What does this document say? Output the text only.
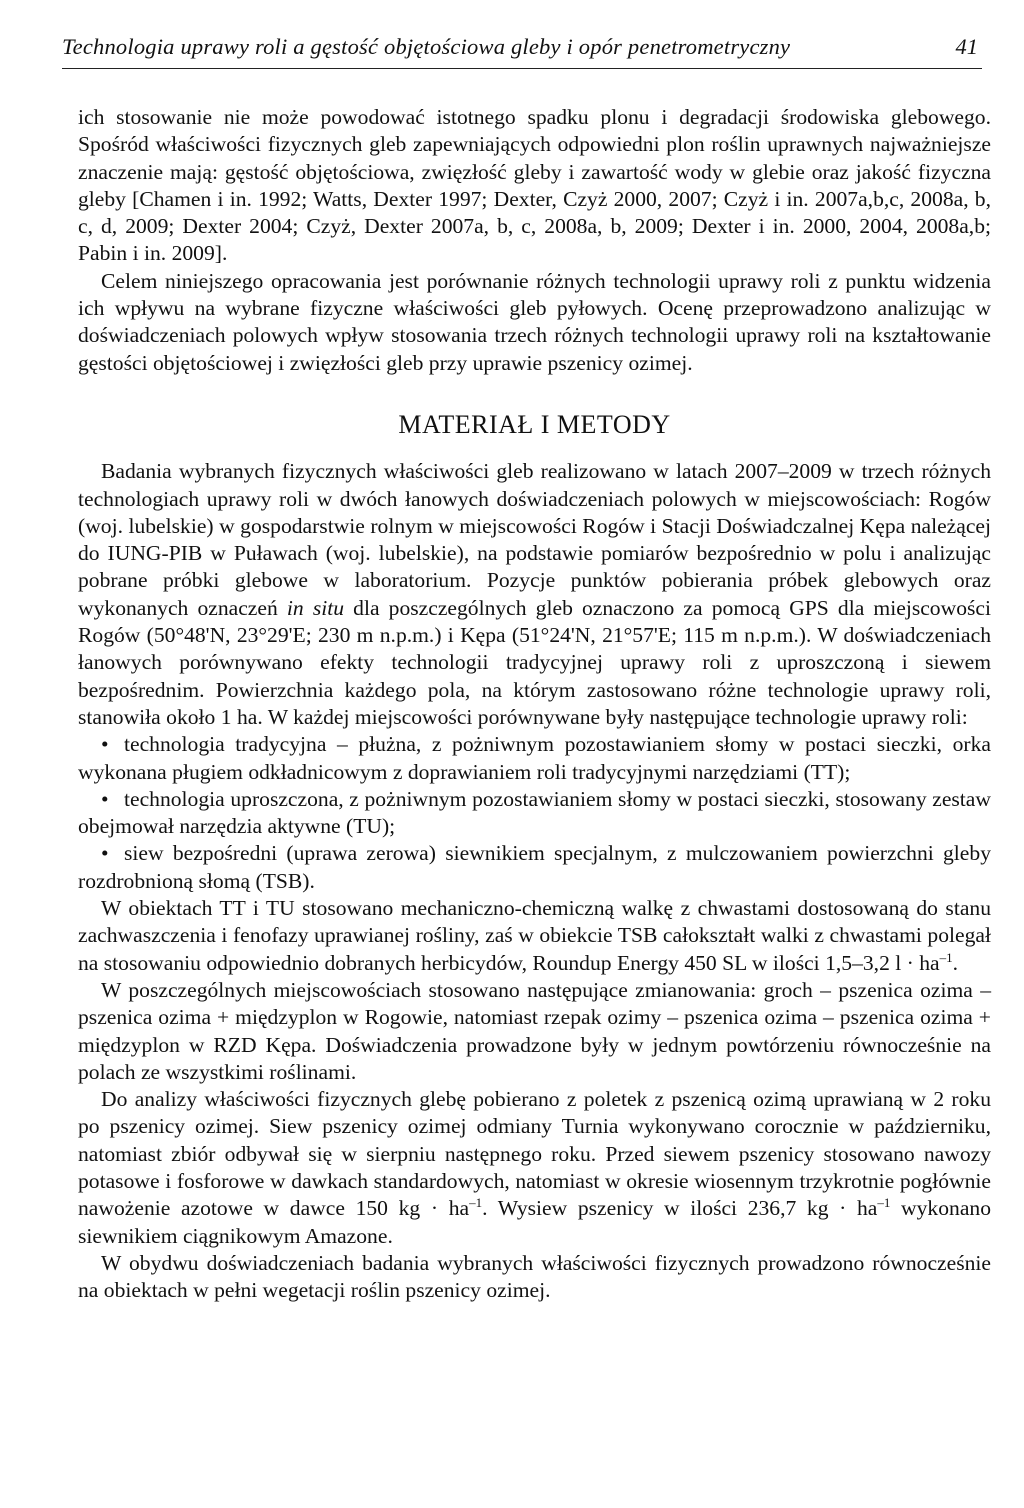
Technologia uprawy roli a gęstość objętościowa gleby i opór penetrometryczny	41

ich stosowanie nie może powodować istotnego spadku plonu i degradacji środowiska glebowego. Spośród właściwości fizycznych gleb zapewniających odpowiedni plon roślin uprawnych najważniejsze znaczenie mają: gęstość objętościowa, zwięzłość gleby i zawartość wody w glebie oraz jakość fizyczna gleby [Chamen i in. 1992; Watts, Dexter 1997; Dexter, Czyż 2000, 2007; Czyż i in. 2007a,b,c, 2008a, b, c, d, 2009; Dexter 2004; Czyż, Dexter 2007a, b, c, 2008a, b, 2009; Dexter i in. 2000, 2004, 2008a,b; Pabin i in. 2009].

Celem niniejszego opracowania jest porównanie różnych technologii uprawy roli z punktu widzenia ich wpływu na wybrane fizyczne właściwości gleb pyłowych. Ocenę przeprowadzono analizując w doświadczeniach polowych wpływ stosowania trzech różnych technologii uprawy roli na kształtowanie gęstości objętościowej i zwięzłości gleb przy uprawie pszenicy ozimej.

MATERIAŁ I METODY

Badania wybranych fizycznych właściwości gleb realizowano w latach 2007–2009 w trzech różnych technologiach uprawy roli w dwóch łanowych doświadczeniach polowych w miejscowościach: Rogów (woj. lubelskie) w gospodarstwie rolnym w miejscowości Rogów i Stacji Doświadczalnej Kępa należącej do IUNG-PIB w Puławach (woj. lubelskie), na podstawie pomiarów bezpośrednio w polu i analizując pobrane próbki glebowe w laboratorium. Pozycje punktów pobierania próbek glebowych oraz wykonanych oznaczeń in situ dla poszczególnych gleb oznaczono za pomocą GPS dla miejscowości Rogów (50°48'N, 23°29'E; 230 m n.p.m.) i Kępa (51°24'N, 21°57'E; 115 m n.p.m.). W doświadczeniach łanowych porównywano efekty technologii tradycyjnej uprawy roli z uproszczoną i siewem bezpośrednim. Powierzchnia każdego pola, na którym zastosowano różne technologie uprawy roli, stanowiła około 1 ha. W każdej miejscowości porównywane były następujące technologie uprawy roli:

• technologia tradycyjna – płużna, z pożniwnym pozostawianiem słomy w postaci sieczki, orka wykonana pługiem odkładnicowym z doprawianiem roli tradycyjnymi narzędziami (TT);

• technologia uproszczona, z pożniwnym pozostawianiem słomy w postaci sieczki, stosowany zestaw obejmował narzędzia aktywne (TU);

• siew bezpośredni (uprawa zerowa) siewnikiem specjalnym, z mulczowaniem powierzchni gleby rozdrobnioną słomą (TSB).

W obiektach TT i TU stosowano mechaniczno-chemiczną walkę z chwastami dostosowaną do stanu zachwaszczenia i fenofazy uprawianej rośliny, zaś w obiekcie TSB całokształt walki z chwastami polegał na stosowaniu odpowiednio dobranych herbicydów, Roundup Energy 450 SL w ilości 1,5–3,2 $l \cdot ha^{-1}$.

W poszczególnych miejscowościach stosowano następujące zmianowania: groch – pszenica ozima – pszenica ozima + międzyplon w Rogowie, natomiast rzepak ozimy – pszenica ozima – pszenica ozima + międzyplon w RZD Kępa. Doświadczenia prowadzone były w jednym powtórzeniu równocześnie na polach ze wszystkimi roślinami.

Do analizy właściwości fizycznych glebę pobierano z poletek z pszenicą ozimą uprawianą w 2 roku po pszenicy ozimej. Siew pszenicy ozimej odmiany Turnia wykonywano corocznie w październiku, natomiast zbiór odbywał się w sierpniu następnego roku. Przed siewem pszenicy stosowano nawozy potasowe i fosforowe w dawkach standardowych, natomiast w okresie wiosennym trzykrotnie pogłównie nawożenie azotowe w dawce 150 kg · $ha^{-1}$. Wysiew pszenicy w ilości 236,7 kg · $ha^{-1}$ wykonano siewnikiem ciągnikowym Amazone.

W obydwu doświadczeniach badania wybranych właściwości fizycznych prowadzono równocześnie na obiektach w pełni wegetacji roślin pszenicy ozimej.
